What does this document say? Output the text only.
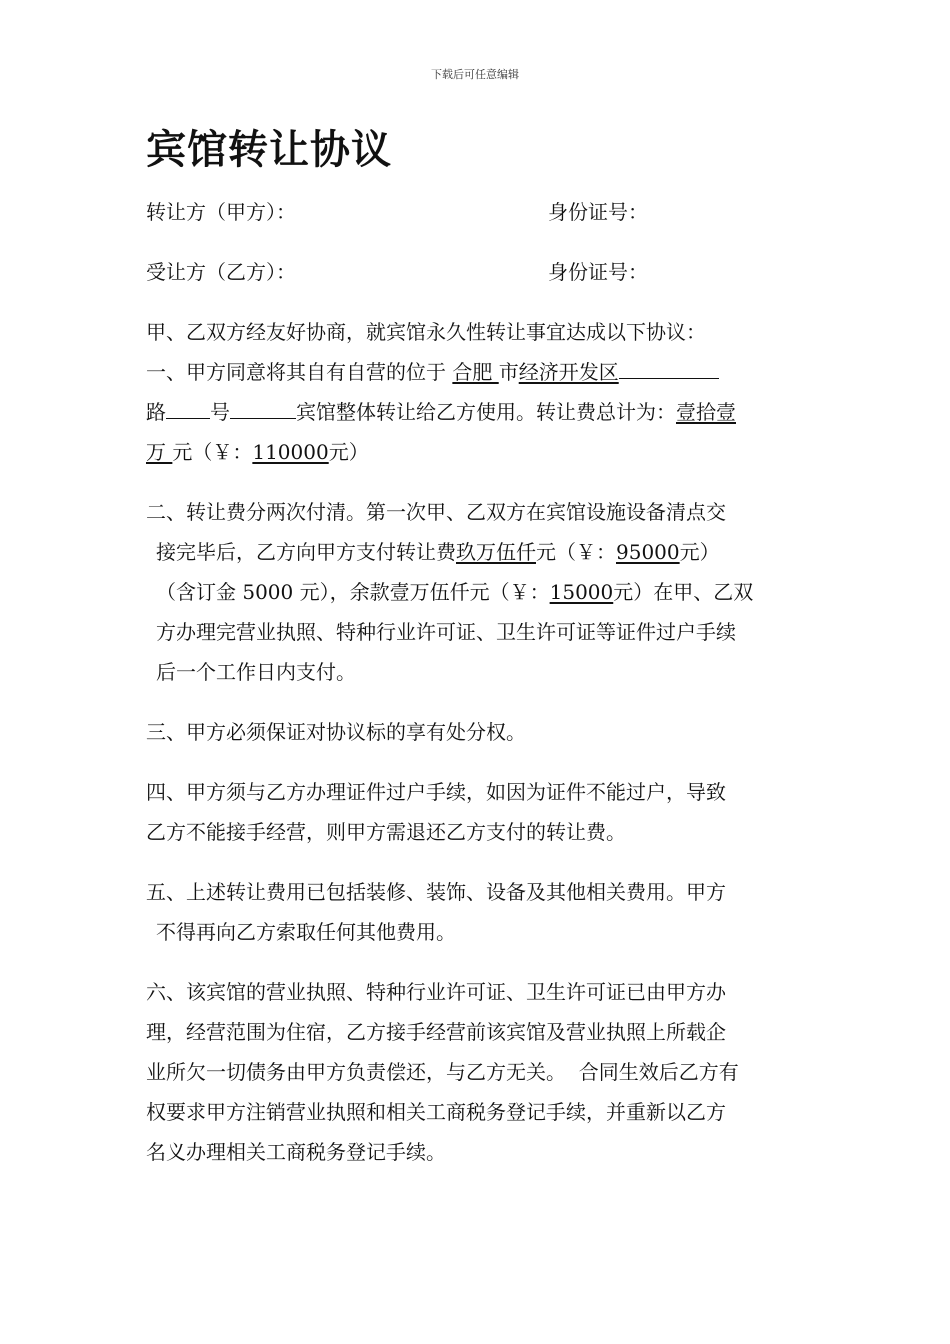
下载后可任意编辑
宾馆转让协议
转让方（甲方）：	身份证号：
受让方（乙方）：	身份证号：
甲、乙双方经友好协商，就宾馆永久性转让事宜达成以下协议：
一、甲方同意将其自有自营的位于 合肥 市经济开发区
路 号	宾馆整体转让给乙方使用。转让费总计为：壹拾壹
万 元（￥：110000元）
二、转让费分两次付清。第一次甲、乙双方在宾馆设施设备清点交
接完毕后，乙方向甲方支付转让费玖万伍仟元（￥：95000元）
（含订金 5000 元），余款壹万伍仟元（￥：15000元）在甲、乙双
方办理完营业执照、特种行业许可证、卫生许可证等证件过户手续
后一个工作日内支付。
三、甲方必须保证对协议标的享有处分权。
四、甲方须与乙方办理证件过户手续，如因为证件不能过户，导致
乙方不能接手经营，则甲方需退还乙方支付的转让费。
五、上述转让费用已包括装修、装饰、设备及其他相关费用。甲方
不得再向乙方索取任何其他费用。
六、该宾馆的营业执照、特种行业许可证、卫生许可证已由甲方办
理，经营范围为住宿，乙方接手经营前该宾馆及营业执照上所载企
业所欠一切债务由甲方负责偿还，与乙方无关。  合同生效后乙方有
权要求甲方注销营业执照和相关工商税务登记手续，并重新以乙方
名义办理相关工商税务登记手续。
